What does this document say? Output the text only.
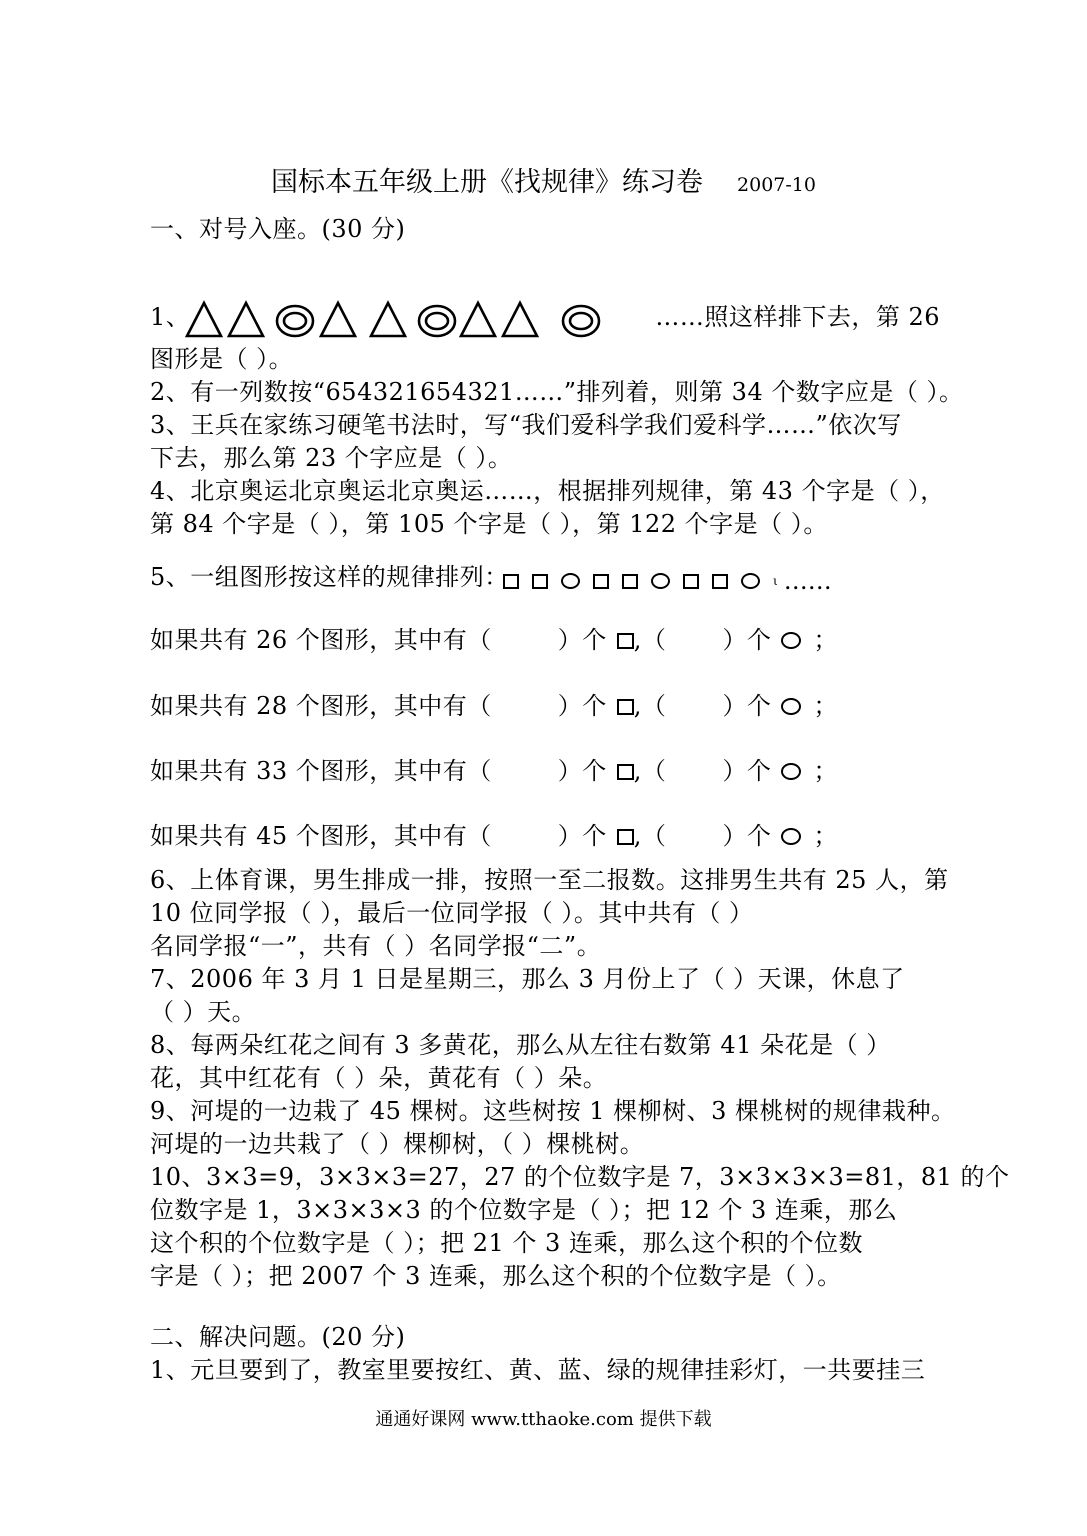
国标本五年级上册《找规律》练习卷 2007-10
一、对号入座。(30 分)
1、	……照这样排下去，第 26
图形是（ ）。
2、有一列数按“654321654321……”排列着，则第 34 个数字应是（ ）。
3、王兵在家练习硬笔书法时，写“我们爱科学我们爱科学……”依次写
下去，那么第 23 个字应是（ ）。
4、北京奥运北京奥运北京奥运……，根据排列规律，第 43 个字是（ ），
第 84 个字是（ ），第 105 个字是（ ），第 122 个字是（ ）。
5、一组图形按这样的规律排列：	ι ……
如果共有 26 个图形，其中有（	）个 ,（ ）个 ；
如果共有 28 个图形，其中有（	）个 ,（ ）个 ；
如果共有 33 个图形，其中有（	）个 ,（ ）个 ；
如果共有 45 个图形，其中有（	）个 ,（ ）个 ；
6、上体育课，男生排成一排，按照一至二报数。这排男生共有 25 人，第
10 位同学报（ ），最后一位同学报（ ）。其中共有（ ）
名同学报“一”，共有（ ）名同学报“二”。
7、2006 年 3 月 1 日是星期三，那么 3 月份上了（ ）天课，休息了
（ ）天。
8、每两朵红花之间有 3 多黄花，那么从左往右数第 41 朵花是（ ）
花，其中红花有（ ）朵，黄花有（ ）朵。
9、河堤的一边栽了 45 棵树。这些树按 1 棵柳树、3 棵桃树的规律栽种。
河堤的一边共栽了（ ）棵柳树，（ ）棵桃树。
10、3×3=9，3×3×3=27，27 的个位数字是 7，3×3×3×3=81，81 的个
位数字是 1，3×3×3×3 的个位数字是（ ）；把 12 个 3 连乘，那么
这个积的个位数字是（ ）；把 21 个 3 连乘，那么这个积的个位数
字是（ ）；把 2007 个 3 连乘，那么这个积的个位数字是（ ）。
二、解决问题。(20 分)
1、元旦要到了，教室里要按红、黄、蓝、绿的规律挂彩灯，一共要挂三
通通好课网 www.tthaoke.com 提供下载
